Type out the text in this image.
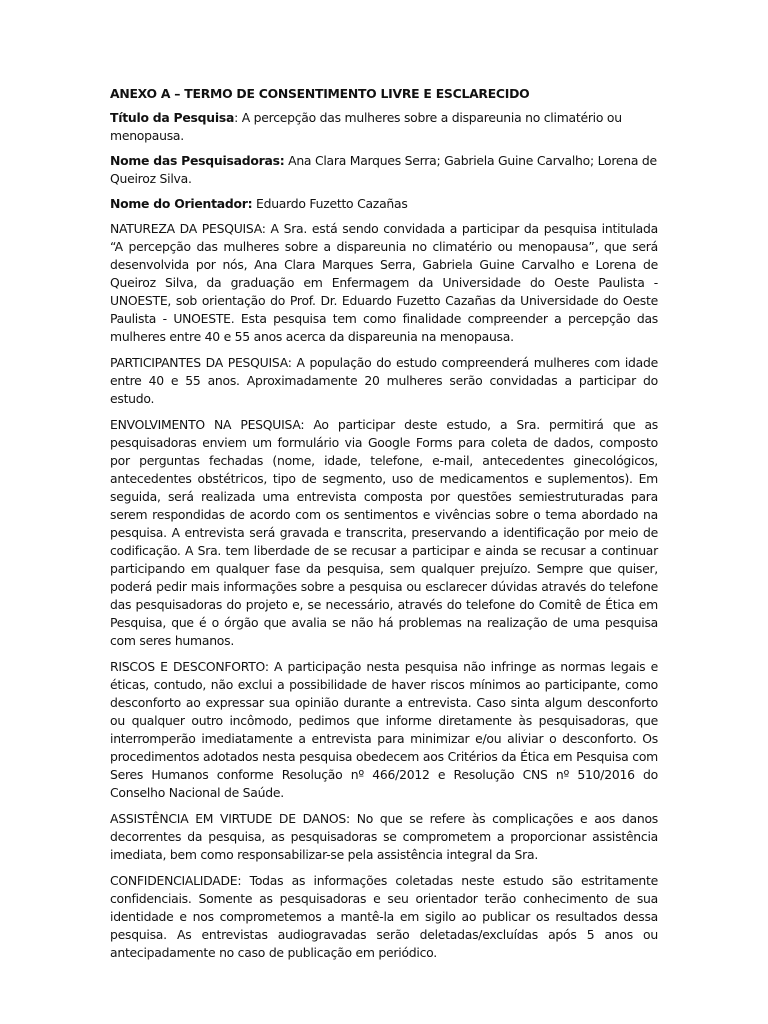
ANEXO A – TERMO DE CONSENTIMENTO LIVRE E ESCLARECIDO
Título da Pesquisa: A percepção das mulheres sobre a dispareunia no climatério ou menopausa.
Nome das Pesquisadoras: Ana Clara Marques Serra; Gabriela Guine Carvalho; Lorena de Queiroz Silva.
Nome do Orientador: Eduardo Fuzetto Cazañas

NATUREZA DA PESQUISA: A Sra. está sendo convidada a participar da pesquisa intitulada “A percepção das mulheres sobre a dispareunia no climatério ou menopausa”, que será desenvolvida por nós, Ana Clara Marques Serra, Gabriela Guine Carvalho e Lorena de Queiroz Silva, da graduação em Enfermagem da Universidade do Oeste Paulista - UNOESTE, sob orientação do Prof. Dr. Eduardo Fuzetto Cazañas da Universidade do Oeste Paulista - UNOESTE. Esta pesquisa tem como finalidade compreender a percepção das mulheres entre 40 e 55 anos acerca da dispareunia na menopausa.

PARTICIPANTES DA PESQUISA: A população do estudo compreenderá mulheres com idade entre 40 e 55 anos. Aproximadamente 20 mulheres serão convidadas a participar do estudo.

ENVOLVIMENTO NA PESQUISA: Ao participar deste estudo, a Sra. permitirá que as pesquisadoras enviem um formulário via Google Forms para coleta de dados, composto por perguntas fechadas (nome, idade, telefone, e-mail, antecedentes ginecológicos, antecedentes obstétricos, tipo de segmento, uso de medicamentos e suplementos). Em seguida, será realizada uma entrevista composta por questões semiestruturadas para serem respondidas de acordo com os sentimentos e vivências sobre o tema abordado na pesquisa. A entrevista será gravada e transcrita, preservando a identificação por meio de codificação. A Sra. tem liberdade de se recusar a participar e ainda se recusar a continuar participando em qualquer fase da pesquisa, sem qualquer prejuízo. Sempre que quiser, poderá pedir mais informações sobre a pesquisa ou esclarecer dúvidas através do telefone das pesquisadoras do projeto e, se necessário, através do telefone do Comitê de Ética em Pesquisa, que é o órgão que avalia se não há problemas na realização de uma pesquisa com seres humanos.

RISCOS E DESCONFORTO: A participação nesta pesquisa não infringe as normas legais e éticas, contudo, não exclui a possibilidade de haver riscos mínimos ao participante, como desconforto ao expressar sua opinião durante a entrevista. Caso sinta algum desconforto ou qualquer outro incômodo, pedimos que informe diretamente às pesquisadoras, que interromperão imediatamente a entrevista para minimizar e/ou aliviar o desconforto. Os procedimentos adotados nesta pesquisa obedecem aos Critérios da Ética em Pesquisa com Seres Humanos conforme Resolução nº 466/2012 e Resolução CNS nº 510/2016 do Conselho Nacional de Saúde.

ASSISTÊNCIA EM VIRTUDE DE DANOS: No que se refere às complicações e aos danos decorrentes da pesquisa, as pesquisadoras se comprometem a proporcionar assistência imediata, bem como responsabilizar-se pela assistência integral da Sra.

CONFIDENCIALIDADE: Todas as informações coletadas neste estudo são estritamente confidenciais. Somente as pesquisadoras e seu orientador terão conhecimento de sua identidade e nos comprometemos a mantê-la em sigilo ao publicar os resultados dessa pesquisa. As entrevistas audiogravadas serão deletadas/excluídas após 5 anos ou antecipadamente no caso de publicação em periódico.
